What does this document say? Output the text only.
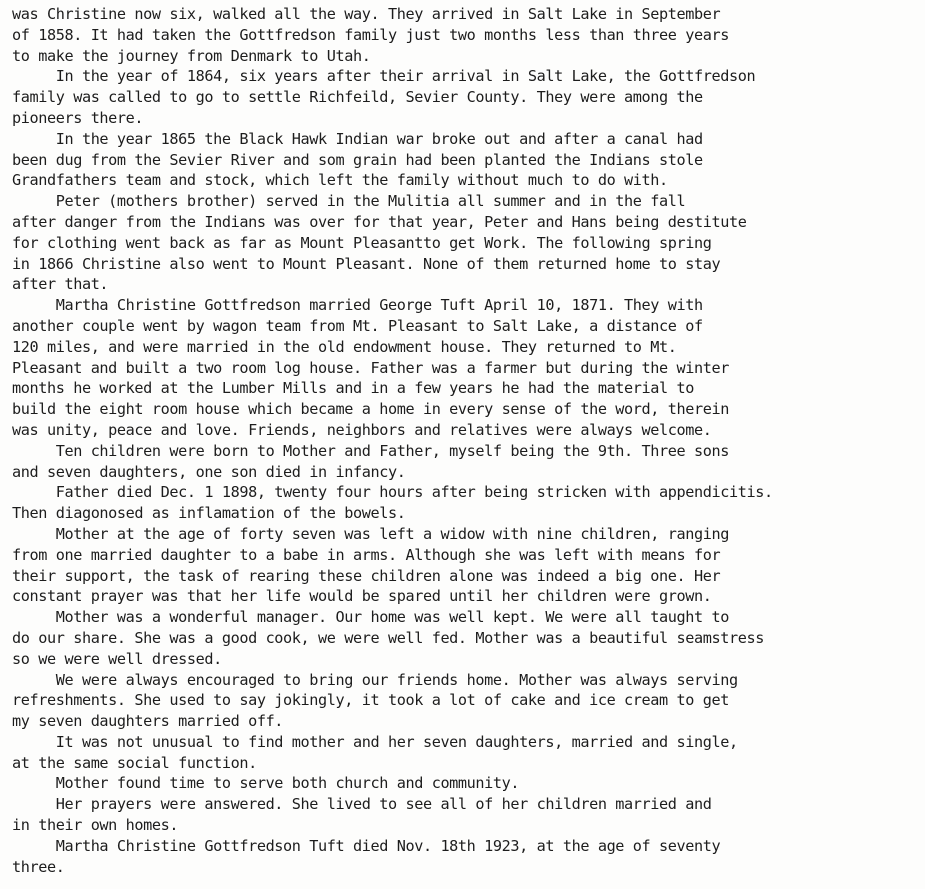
was Christine now six, walked all the way. They arrived in Salt Lake in September
of 1858. It had taken the Gottfredson family just two months less than three years
to make the journey from Denmark to Utah.
In the year of 1864, six years after their arrival in Salt Lake, the Gottfredson
family was called to go to settle Richfeild, Sevier County. They were among the
pioneers there.
In the year 1865 the Black Hawk Indian war broke out and after a canal had
been dug from the Sevier River and som grain had been planted the Indians stole
Grandfathers team and stock, which left the family without much to do with.
Peter (mothers brother) served in the Mulitia all summer and in the fall
after danger from the Indians was over for that year, Peter and Hans being destitute
for clothing went back as far as Mount Pleasantto get Work. The following spring
in 1866 Christine also went to Mount Pleasant. None of them returned home to stay
after that.
Martha Christine Gottfredson married George Tuft April 10, 1871. They with
another couple went by wagon team from Mt. Pleasant to Salt Lake, a distance of
120 miles, and were married in the old endowment house. They returned to Mt.
Pleasant and built a two room log house. Father was a farmer but during the winter
months he worked at the Lumber Mills and in a few years he had the material to
build the eight room house which became a home in every sense of the word, therein
was unity, peace and love. Friends, neighbors and relatives were always welcome.
Ten children were born to Mother and Father, myself being the 9th. Three sons
and seven daughters, one son died in infancy.
Father died Dec. 1 1898, twenty four hours after being stricken with appendicitis.
Then diagonosed as inflamation of the bowels.
Mother at the age of forty seven was left a widow with nine children, ranging
from one married daughter to a babe in arms. Although she was left with means for
their support, the task of rearing these children alone was indeed a big one. Her
constant prayer was that her life would be spared until her children were grown.
Mother was a wonderful manager. Our home was well kept. We were all taught to
do our share. She was a good cook, we were well fed. Mother was a beautiful seamstress
so we were well dressed.
We were always encouraged to bring our friends home. Mother was always serving
refreshments. She used to say jokingly, it took a lot of cake and ice cream to get
my seven daughters married off.
It was not unusual to find mother and her seven daughters, married and single,
at the same social function.
Mother found time to serve both church and community.
Her prayers were answered. She lived to see all of her children married and
in their own homes.
Martha Christine Gottfredson Tuft died Nov. 18th 1923, at the age of seventy
three.
